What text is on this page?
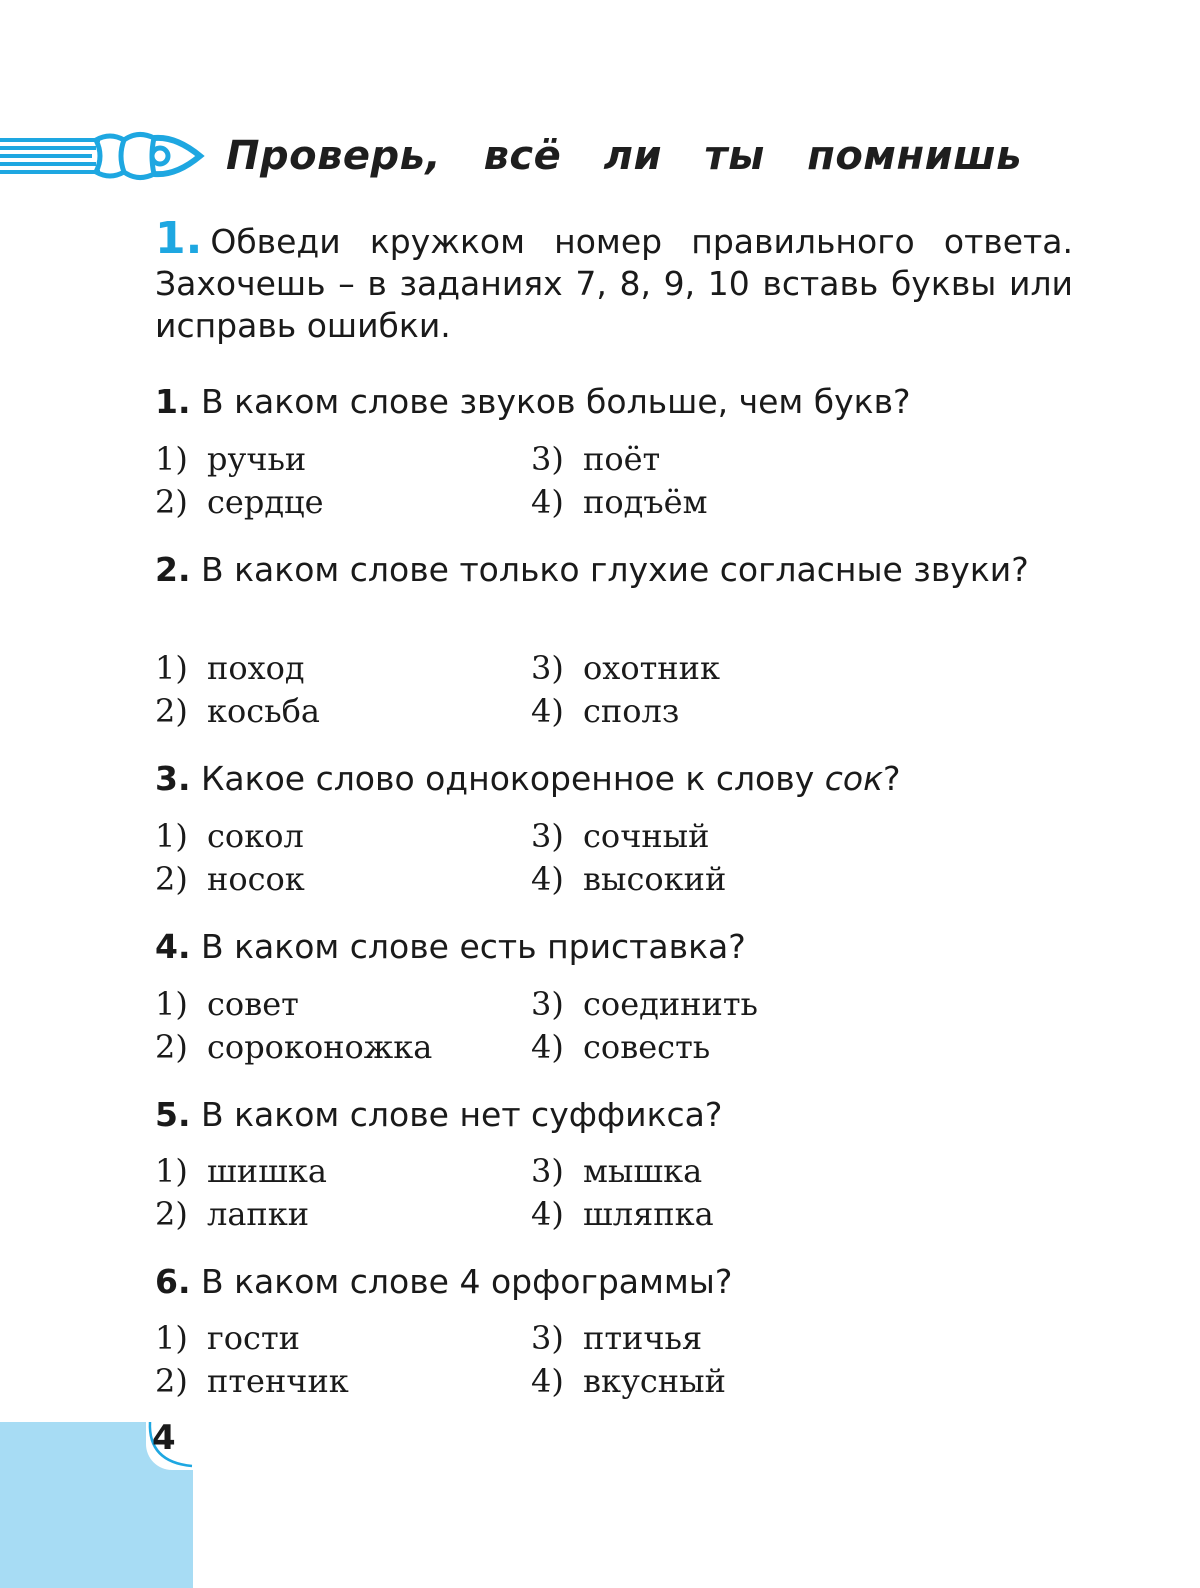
Проверь, всё ли ты помнишь
1. Обведи кружком номер правильного ответа. Захочешь – в заданиях 7, 8, 9, 10 вставь буквы или исправь ошибки.
1. В каком слове звуков больше, чем букв?
1) ручьи
2) сердце
3) поёт
4) подъём
2. В каком слове только глухие согласные звуки?
1) поход
2) косьба
3) охотник
4) сполз
3. Какое слово однокоренное к слову сок?
1) сокол
2) носок
3) сочный
4) высокий
4. В каком слове есть приставка?
1) совет
2) сороконожка
3) соединить
4) совесть
5. В каком слове нет суффикса?
1) шишка
2) лапки
3) мышка
4) шляпка
6. В каком слове 4 орфограммы?
1) гости
2) птенчик
3) птичья
4) вкусный
4
